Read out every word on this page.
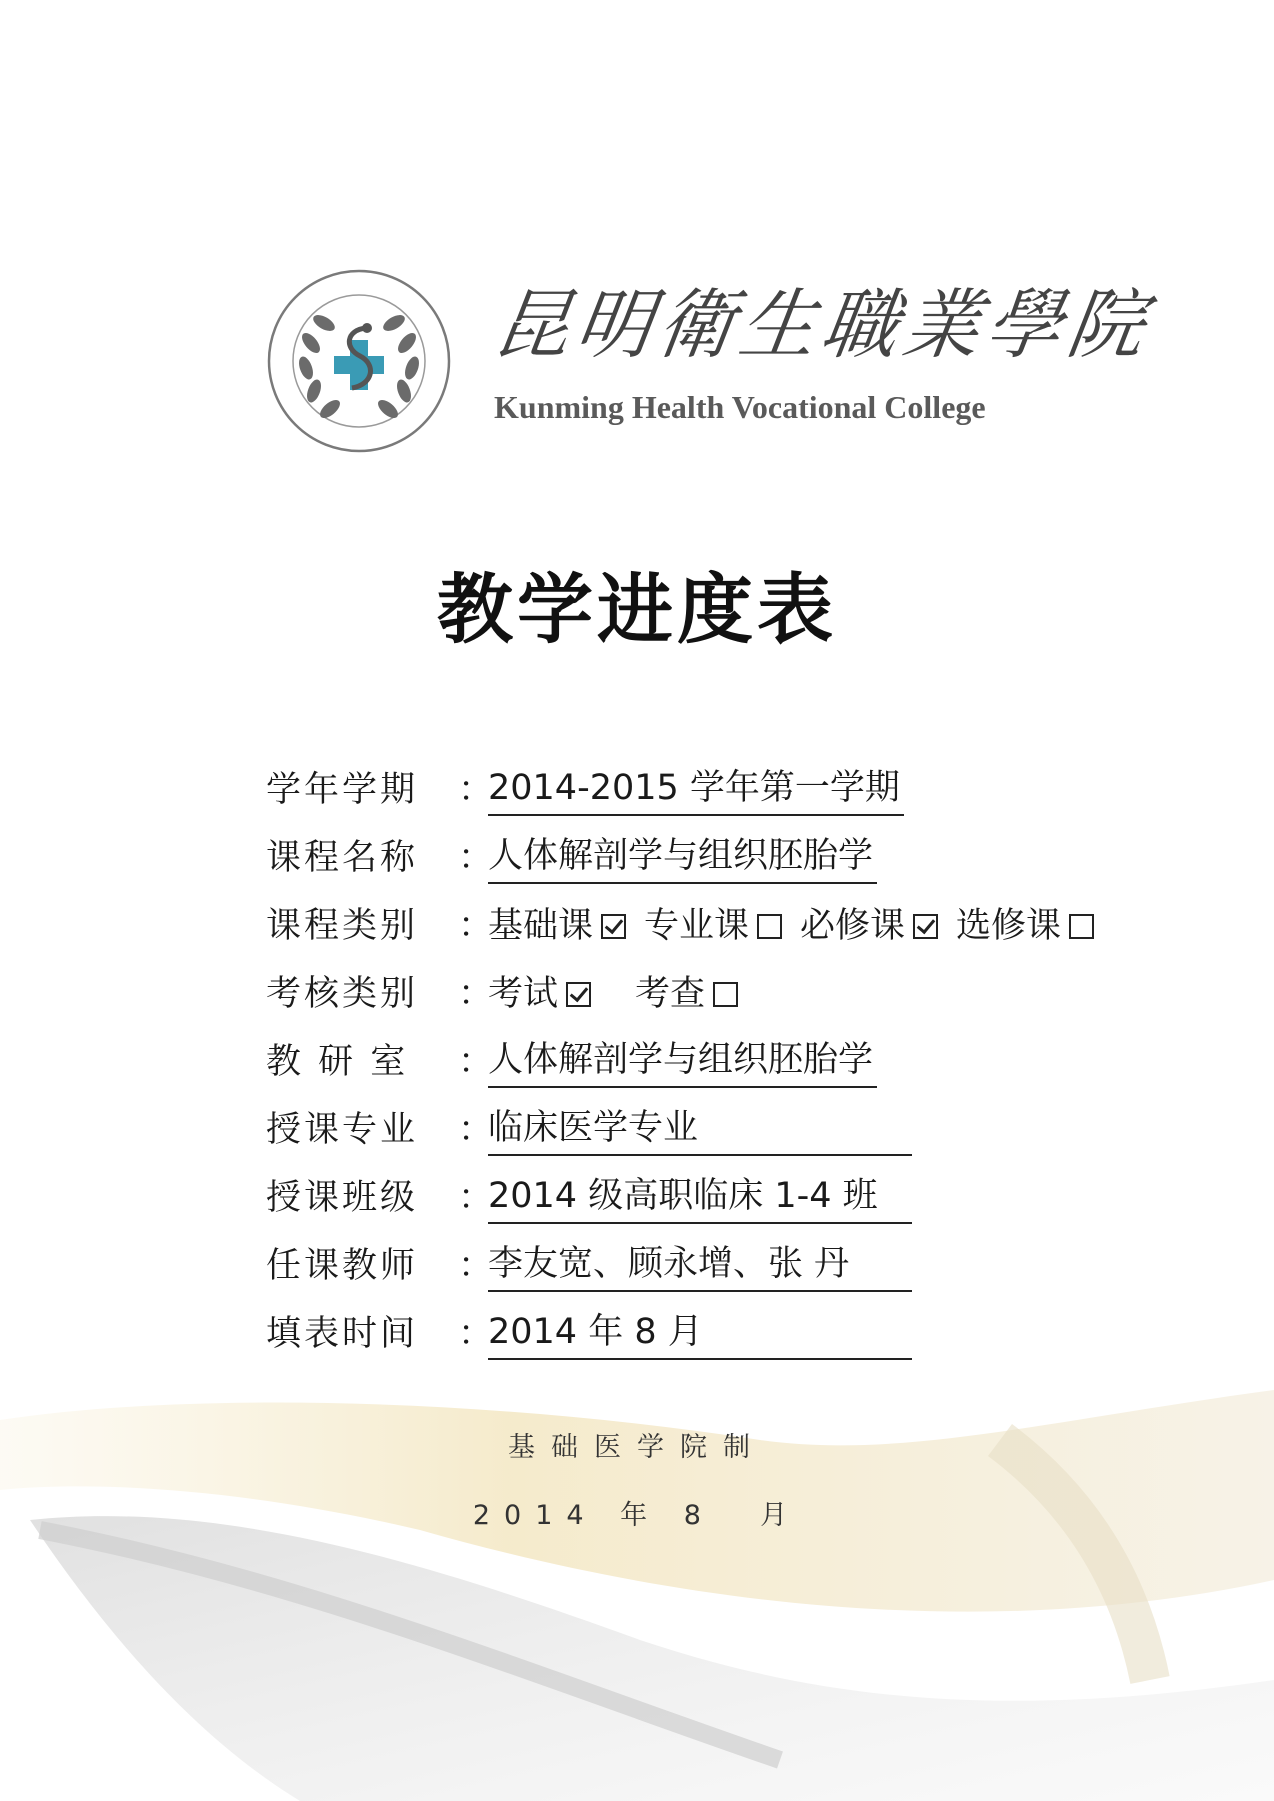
昆明衛生職業學院
Kunming Health Vocational College
教学进度表
学年学期	：
2014-2015 学年第一学期
课程名称	：
人体解剖学与组织胚胎学
课程类别	：
基础课 专业课 必修课 选修课
考核类别	：
考试 考查
教 研 室	：
人体解剖学与组织胚胎学
授课专业	：
临床医学专业
授课班级	：
2014 级高职临床 1-4 班
任课教师	：
李友宽、顾永增、张 丹
填表时间	：
2014 年 8 月
基础医学院制
2014 年 8  月
